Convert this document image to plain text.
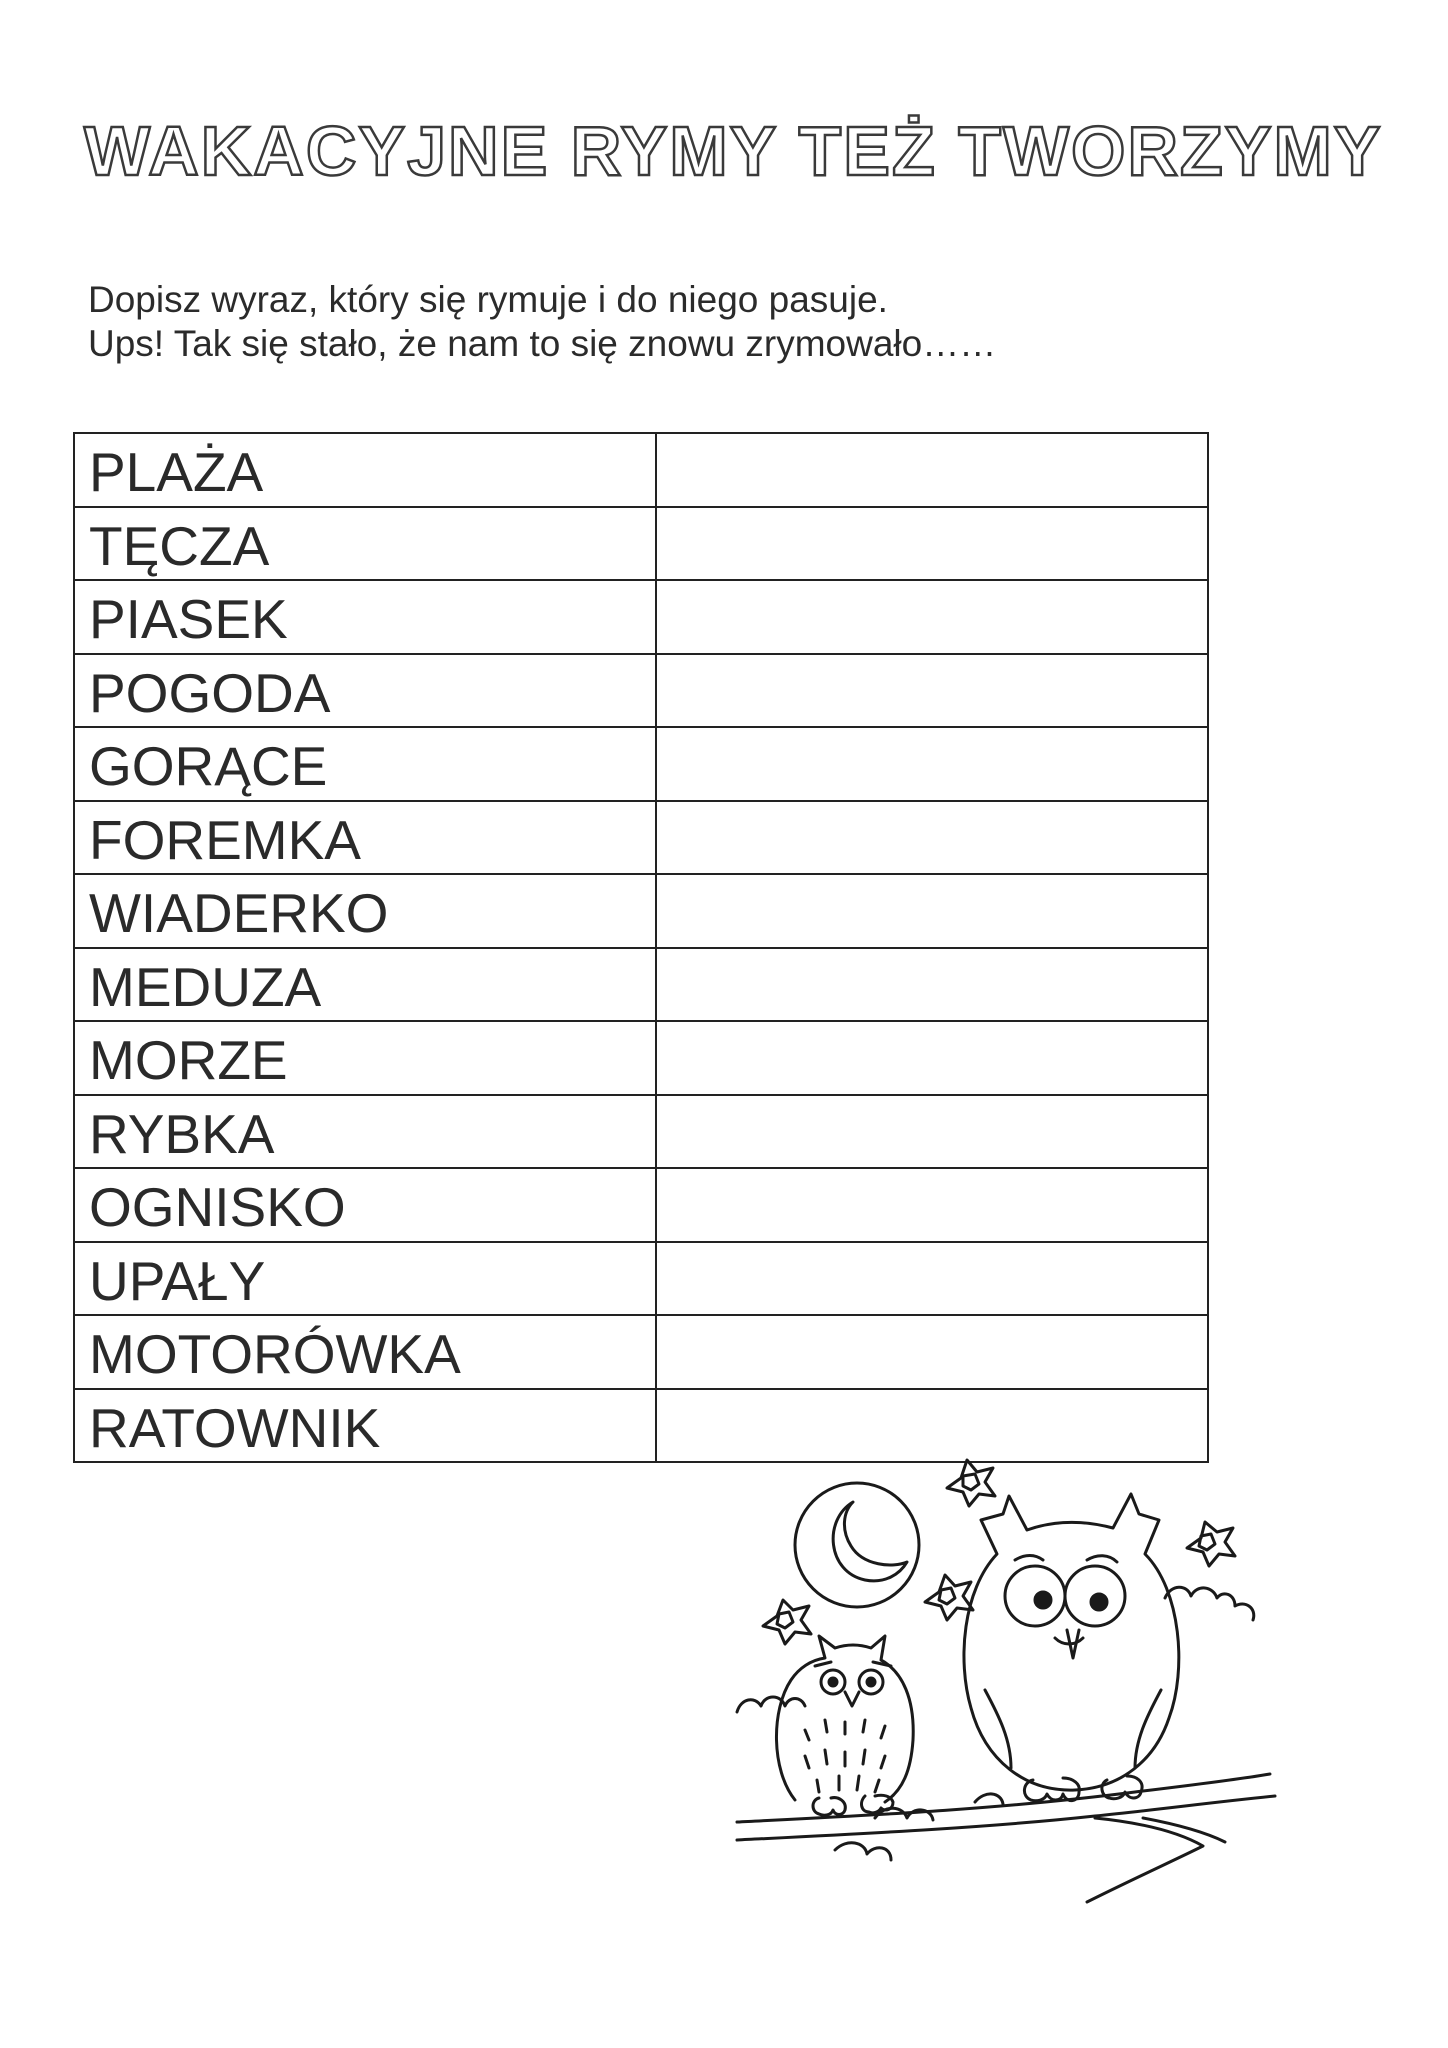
WAKACYJNE RYMY TEŻ TWORZYMY
Dopisz wyraz, który się rymuje i do niego pasuje.
Ups! Tak się stało, że nam to się znowu zrymowało……
PLAŻA	
TĘCZA	
PIASEK	
POGODA	
GORĄCE	
FOREMKA	
WIADERKO	
MEDUZA	
MORZE	
RYBKA	
OGNISKO	
UPAŁY	
MOTORÓWKA	
RATOWNIK	
